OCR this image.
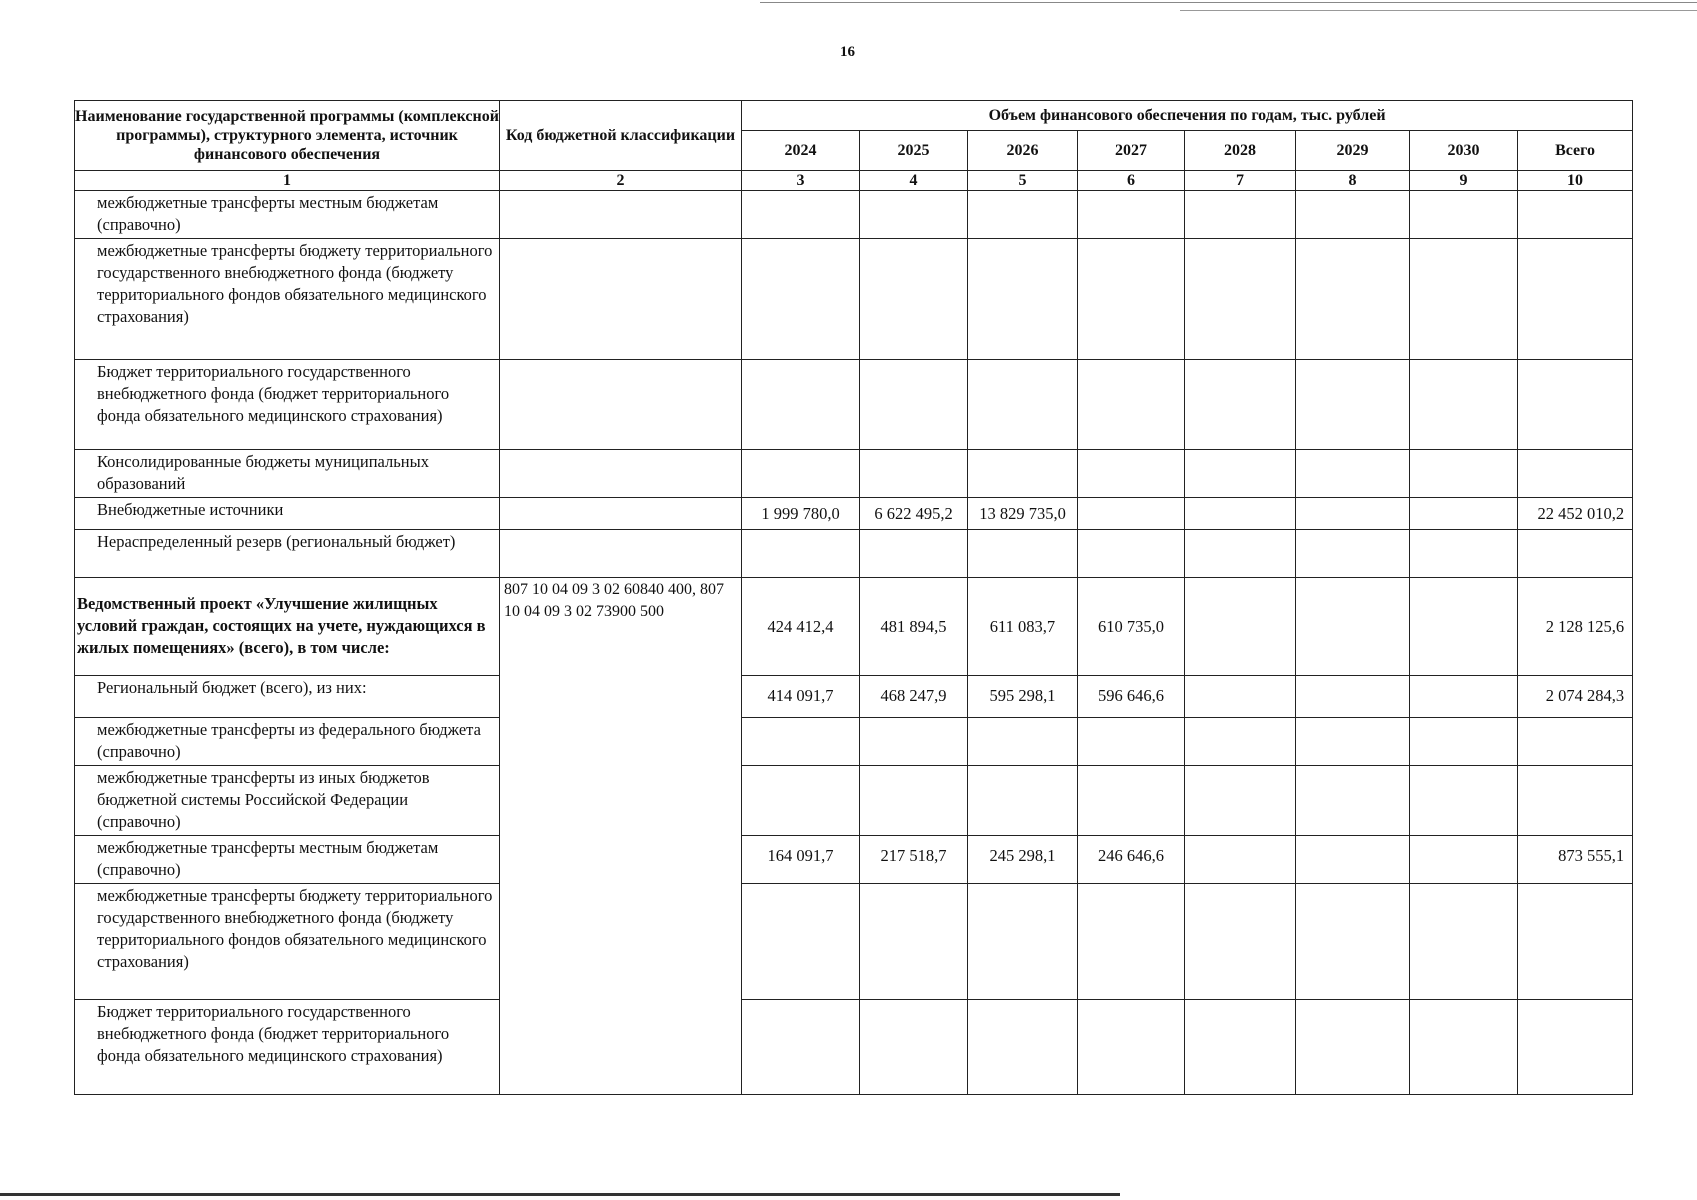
16
Наименование государственной программы (комплексной программы), структурного элемента, источник финансового обеспечения	Код бюджетной классификации	Объем финансового обеспечения по годам, тыс. рублей							
		2024	2025	2026	2027	2028	2029	2030	Всего
1	2	3	4	5	6	7	8	9	10
межбюджетные трансферты местным бюджетам (справочно)									
межбюджетные трансферты бюджету территориального государственного внебюджетного фонда (бюджету территориального фондов обязательного медицинского страхования)									
Бюджет территориального государственного внебюджетного фонда (бюджет территориального фонда обязательного медицинского страхования)									
Консолидированные бюджеты муниципальных образований									
Внебюджетные источники		1 999 780,0	6 622 495,2	13 829 735,0					22 452 010,2
Нераспределенный резерв (региональный бюджет)									
Ведомственный проект «Улучшение жилищных условий граждан, состоящих на учете, нуждающихся в жилых помещениях» (всего), в том числе:	807 10 04 09 3 02 60840 400, 807 10 04 09 3 02 73900 500	424 412,4	481 894,5	611 083,7	610 735,0				2 128 125,6
Региональный бюджет (всего), из них:		414 091,7	468 247,9	595 298,1	596 646,6				2 074 284,3
межбюджетные трансферты из федерального бюджета (справочно)									
межбюджетные трансферты из иных бюджетов бюджетной системы Российской Федерации (справочно)									
межбюджетные трансферты местным бюджетам (справочно)		164 091,7	217 518,7	245 298,1	246 646,6				873 555,1
межбюджетные трансферты бюджету территориального государственного внебюджетного фонда (бюджету территориального фондов обязательного медицинского страхования)									
Бюджет территориального государственного внебюджетного фонда (бюджет территориального фонда обязательного медицинского страхования)									
